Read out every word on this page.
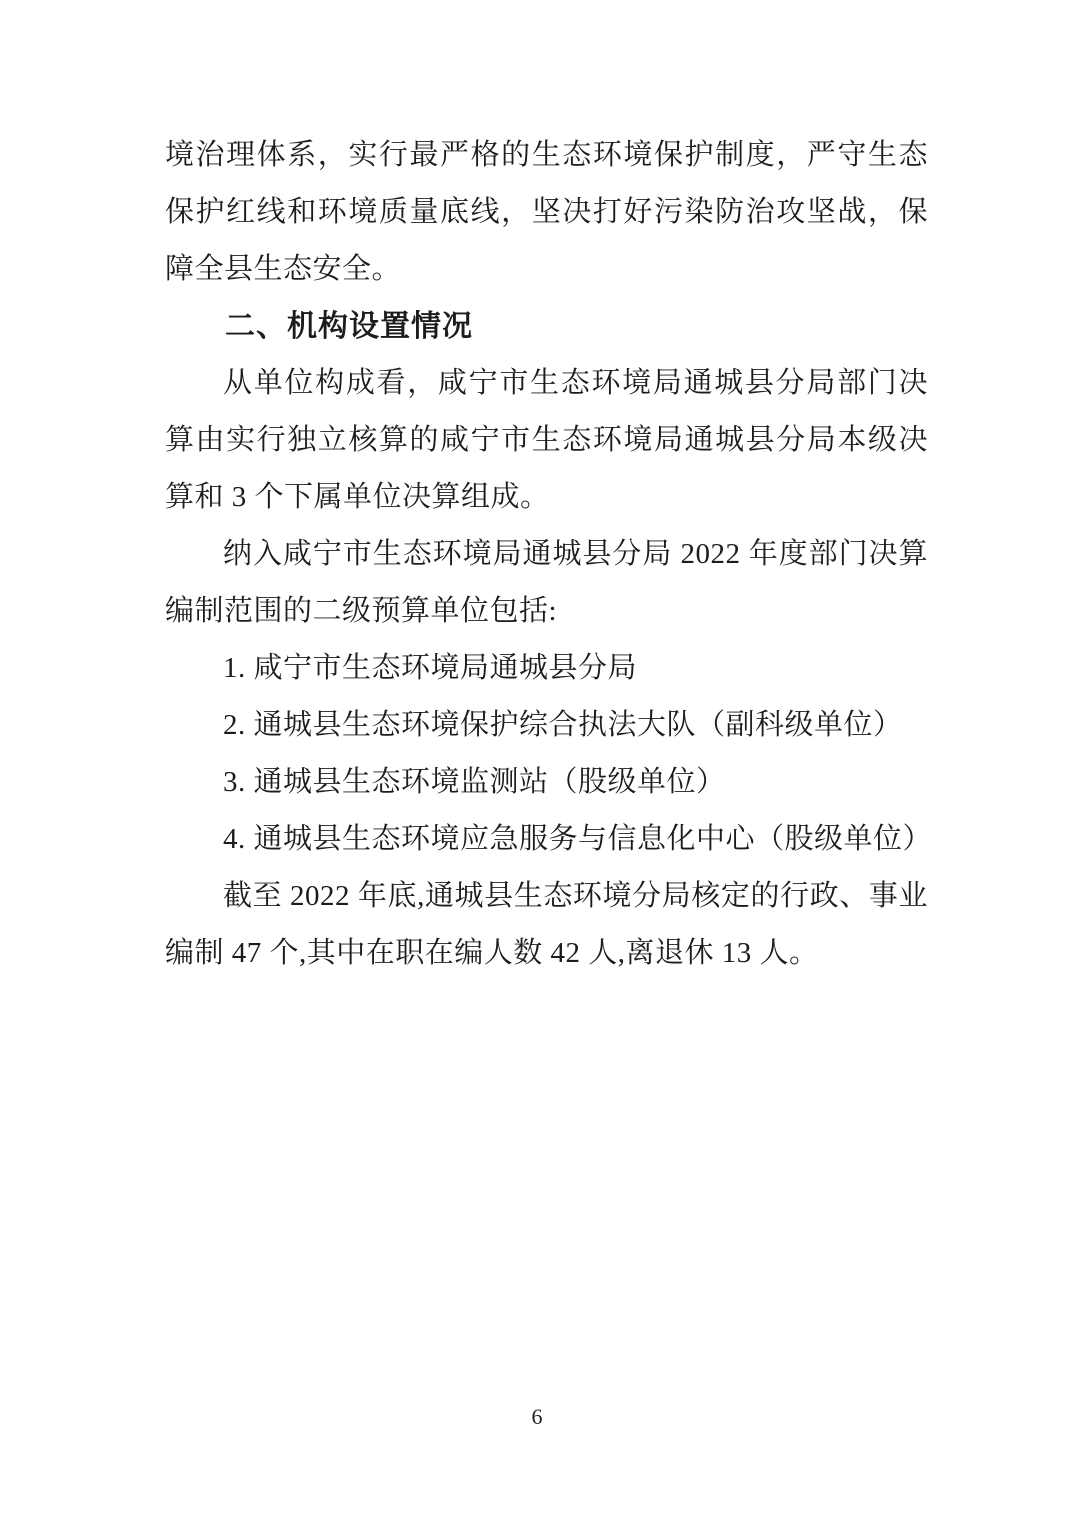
境治理体系，实行最严格的生态环境保护制度，严守生态保护红线和环境质量底线，坚决打好污染防治攻坚战，保障全县生态安全。

二、机构设置情况

从单位构成看，咸宁市生态环境局通城县分局部门决算由实行独立核算的咸宁市生态环境局通城县分局本级决算和 3 个下属单位决算组成。

纳入咸宁市生态环境局通城县分局 2022 年度部门决算编制范围的二级预算单位包括:

1. 咸宁市生态环境局通城县分局

2. 通城县生态环境保护综合执法大队（副科级单位）

3. 通城县生态环境监测站（股级单位）

4. 通城县生态环境应急服务与信息化中心（股级单位）

截至 2022 年底,通城县生态环境分局核定的行政、事业编制 47 个,其中在职在编人数 42 人,离退休 13 人。

6
